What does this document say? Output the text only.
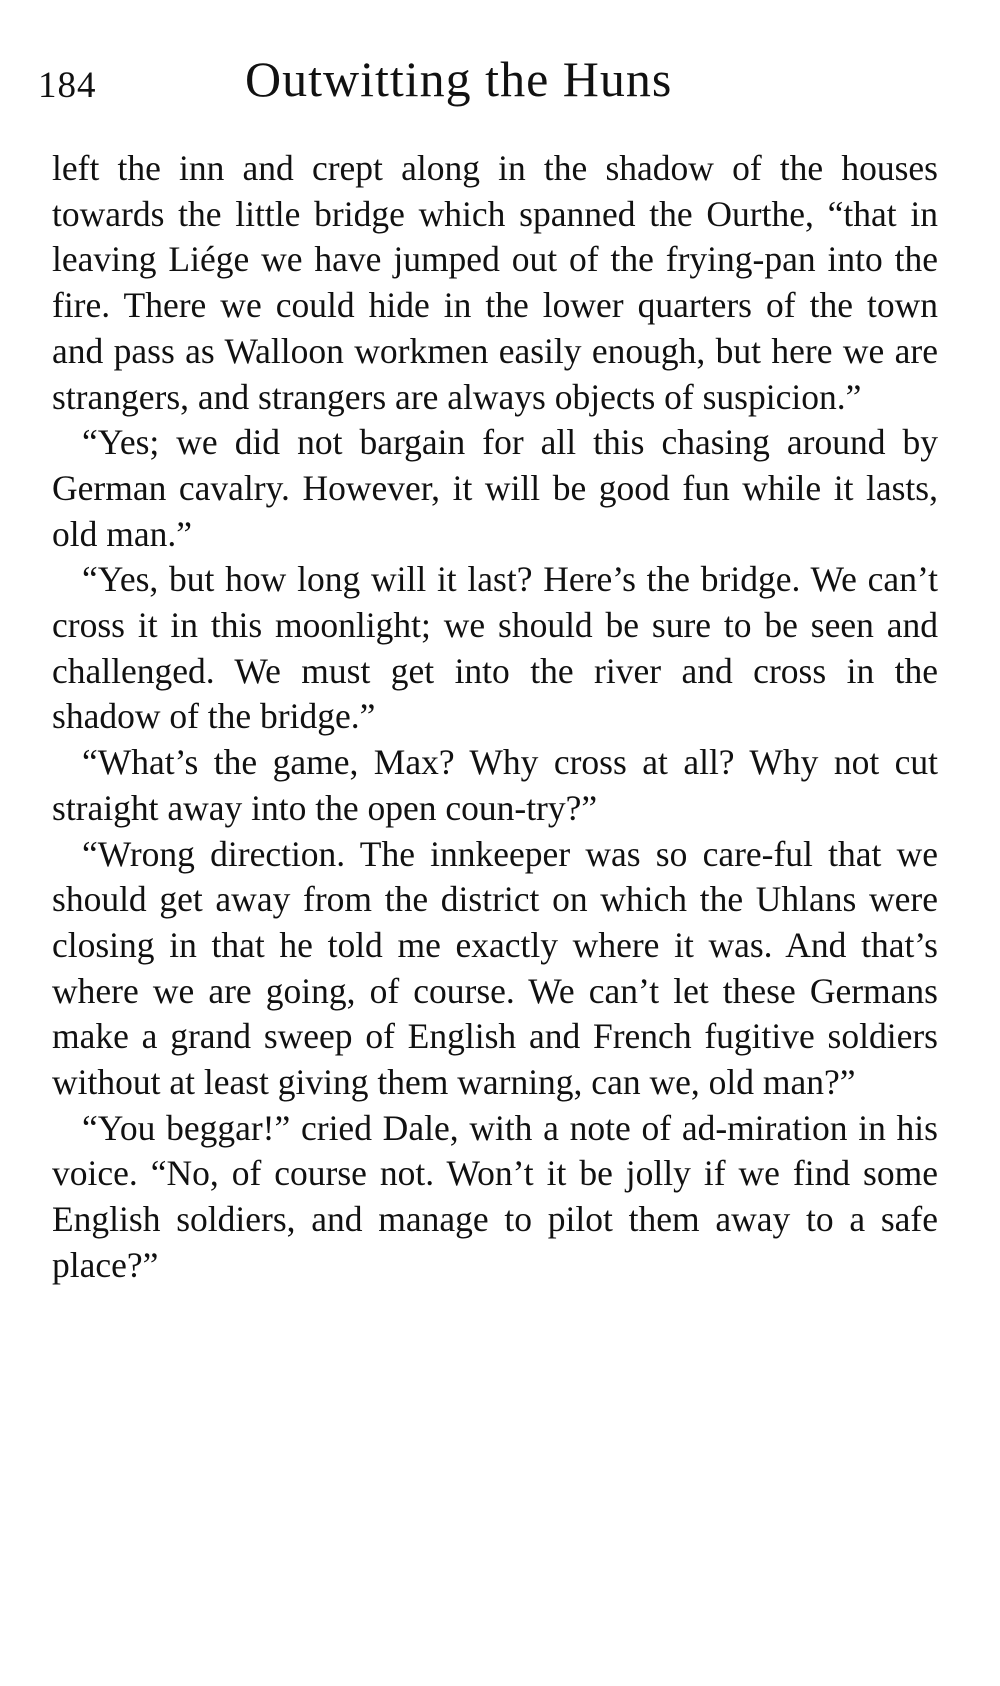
184	Outwitting the Huns

left the inn and crept along in the shadow of the houses towards the little bridge which spanned the Ourthe, “that in leaving Liége we have jumped out of the frying-pan into the fire. There we could hide in the lower quarters of the town and pass as Walloon workmen easily enough, but here we are strangers, and strangers are always objects of suspicion.”

“Yes; we did not bargain for all this chasing around by German cavalry. However, it will be good fun while it lasts, old man.”

“Yes, but how long will it last? Here’s the bridge. We can’t cross it in this moonlight; we should be sure to be seen and challenged. We must get into the river and cross in the shadow of the bridge.”

“What’s the game, Max? Why cross at all? Why not cut straight away into the open coun-try?”

“Wrong direction. The innkeeper was so care-ful that we should get away from the district on which the Uhlans were closing in that he told me exactly where it was. And that’s where we are going, of course. We can’t let these Germans make a grand sweep of English and French fugitive soldiers without at least giving them warning, can we, old man?”

“You beggar!” cried Dale, with a note of ad-miration in his voice. “No, of course not. Won’t it be jolly if we find some English soldiers, and manage to pilot them away to a safe place?”
